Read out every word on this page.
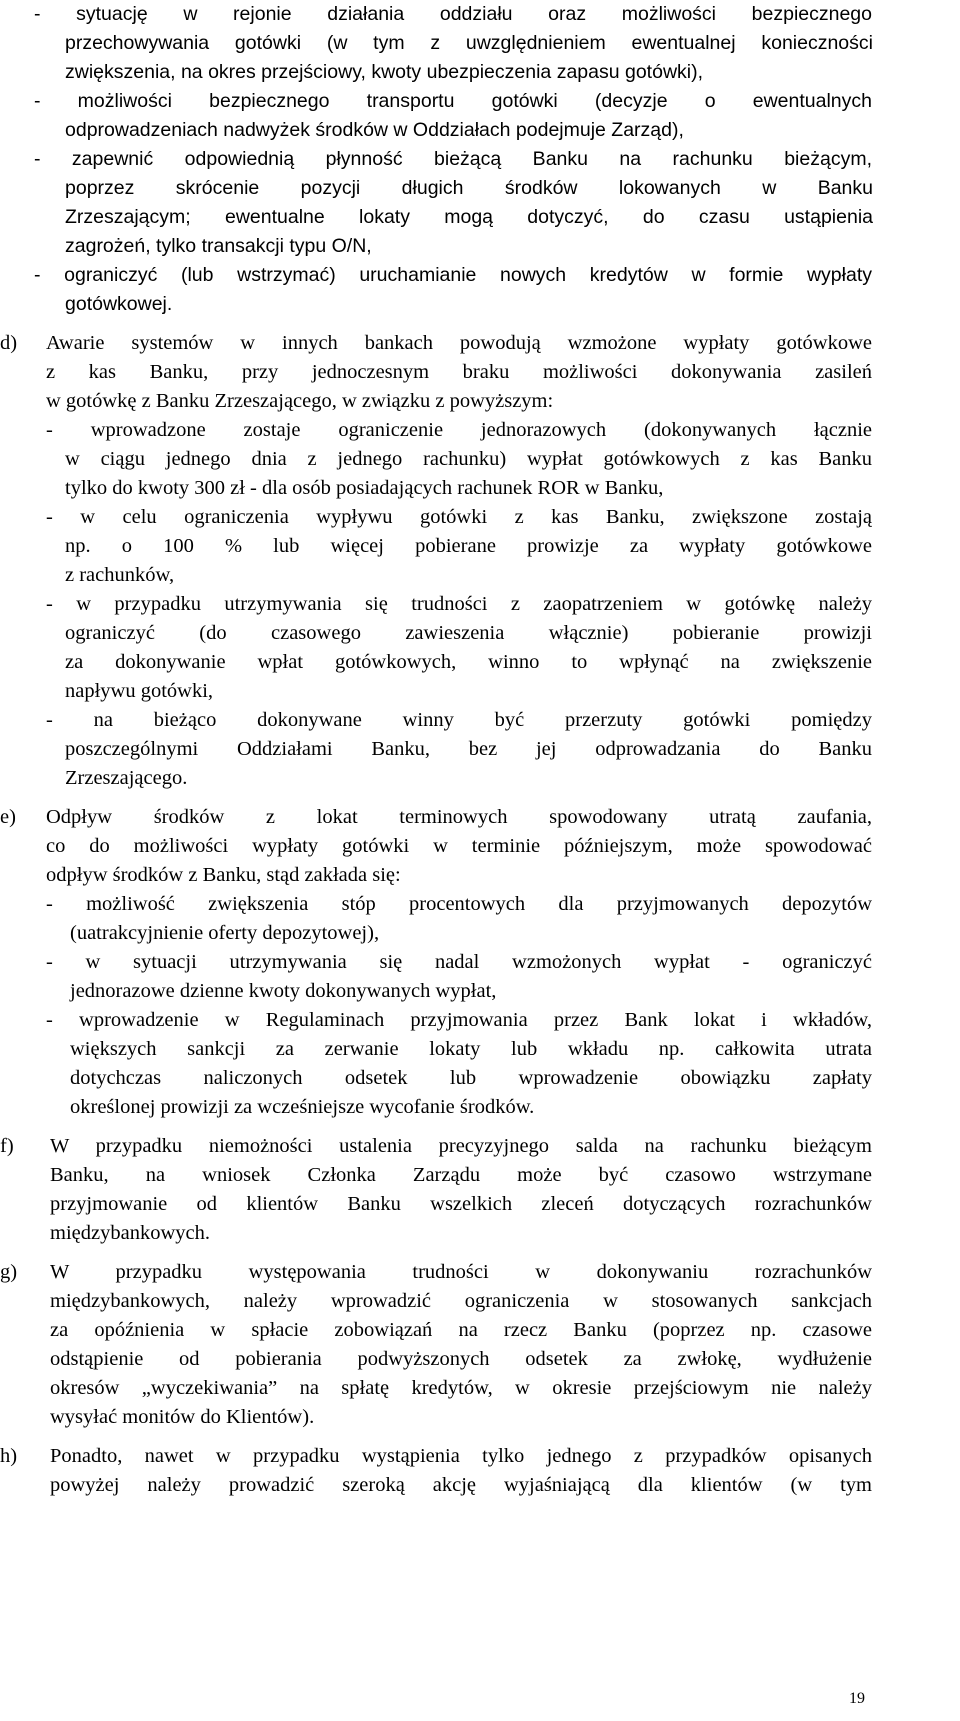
- sytuację w rejonie działania oddziału oraz możliwości bezpiecznego

przechowywania gotówki (w tym z uwzględnieniem ewentualnej konieczności

zwiększenia, na okres przejściowy, kwoty ubezpieczenia zapasu gotówki),

- możliwości bezpiecznego transportu gotówki (decyzje o ewentualnych

odprowadzeniach nadwyżek środków w Oddziałach podejmuje Zarząd),

- zapewnić odpowiednią płynność bieżącą Banku na rachunku bieżącym,

poprzez skrócenie pozycji długich środków lokowanych w Banku

Zrzeszającym; ewentualne lokaty mogą dotyczyć, do czasu ustąpienia

zagrożeń, tylko transakcji typu O/N,

- ograniczyć (lub wstrzymać) uruchamianie nowych kredytów w formie wypłaty

gotówkowej.

d) Awarie systemów w innych bankach powodują wzmożone wypłaty gotówkowe

z kas Banku, przy jednoczesnym braku możliwości dokonywania zasileń

w gotówkę z Banku Zrzeszającego, w związku z powyższym:

- wprowadzone zostaje ograniczenie jednorazowych (dokonywanych łącznie

w ciągu jednego dnia z jednego rachunku) wypłat gotówkowych z kas Banku

tylko do kwoty 300 zł - dla osób posiadających rachunek ROR w Banku,

- w celu ograniczenia wypływu gotówki z kas Banku, zwiększone zostają

np. o 100 % lub więcej pobierane prowizje za wypłaty gotówkowe

z rachunków,

- w przypadku utrzymywania się trudności z zaopatrzeniem w gotówkę należy

ograniczyć (do czasowego zawieszenia włącznie) pobieranie prowizji

za dokonywanie wpłat gotówkowych, winno to wpłynąć na zwiększenie

napływu gotówki,

- na bieżąco dokonywane winny być przerzuty gotówki pomiędzy

poszczególnymi Oddziałami Banku, bez jej odprowadzania do Banku

Zrzeszającego.

e) Odpływ środków z lokat terminowych spowodowany utratą zaufania,

co do możliwości wypłaty gotówki w terminie późniejszym, może spowodować

odpływ środków z Banku, stąd zakłada się:

- możliwość zwiększenia stóp procentowych dla przyjmowanych depozytów

(uatrakcyjnienie oferty depozytowej),

- w sytuacji utrzymywania się nadal wzmożonych wypłat - ograniczyć

jednorazowe dzienne kwoty dokonywanych wypłat,

- wprowadzenie w Regulaminach przyjmowania przez Bank lokat i wkładów,

większych sankcji za zerwanie lokaty lub wkładu np. całkowita utrata

dotychczas naliczonych odsetek lub wprowadzenie obowiązku zapłaty

określonej prowizji za wcześniejsze wycofanie środków.

f) W przypadku niemożności ustalenia precyzyjnego salda na rachunku bieżącym

Banku, na wniosek Członka Zarządu może być czasowo wstrzymane

przyjmowanie od klientów Banku wszelkich zleceń dotyczących rozrachunków

międzybankowych.

g) W przypadku występowania trudności w dokonywaniu rozrachunków

międzybankowych, należy wprowadzić ograniczenia w stosowanych sankcjach

za opóźnienia w spłacie zobowiązań na rzecz Banku (poprzez np. czasowe

odstąpienie od pobierania podwyższonych odsetek za zwłokę, wydłużenie

okresów „wyczekiwania” na spłatę kredytów, w okresie przejściowym nie należy

wysyłać monitów do Klientów).

h) Ponadto, nawet w przypadku wystąpienia tylko jednego z przypadków opisanych

powyżej należy prowadzić szeroką akcję wyjaśniającą dla klientów (w tym

19
